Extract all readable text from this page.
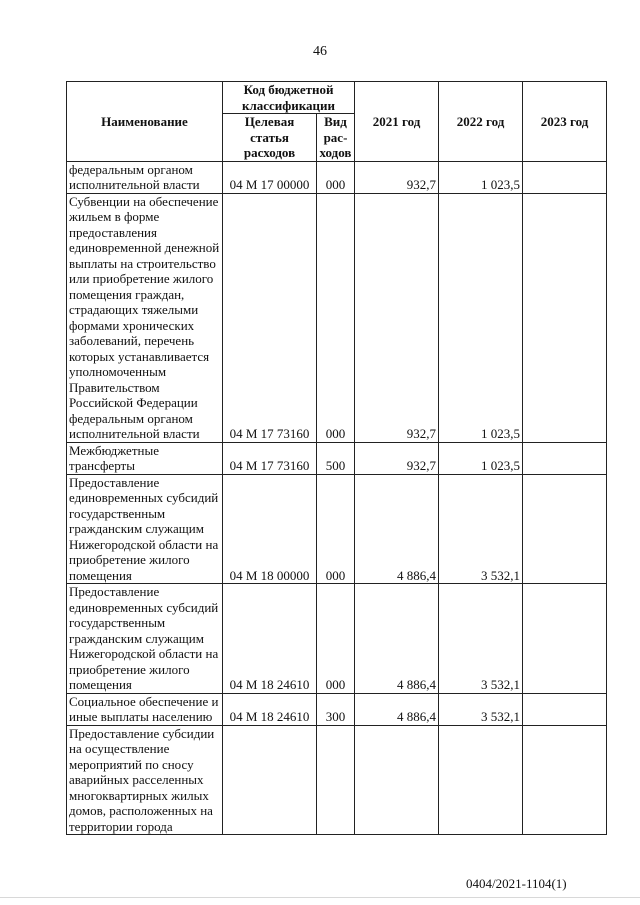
46
Наименование	Код бюджетной классификации		2021 год	2022 год	2023 год
	Целевая статья расходов	Вид рас-ходов			
федеральным органом исполнительной власти	04 М 17 00000	000	932,7	1 023,5	
Субвенции на обеспечение жильем в форме предоставления единовременной денежной выплаты на строительство или приобретение жилого помещения граждан, страдающих тяжелыми формами хронических заболеваний, перечень которых устанавливается уполномоченным Правительством Российской Федерации федеральным органом исполнительной власти	04 М 17 73160	000	932,7	1 023,5	
Межбюджетные трансферты	04 М 17 73160	500	932,7	1 023,5	
Предоставление единовременных субсидий государственным гражданским служащим Нижегородской области на приобретение жилого помещения	04 М 18 00000	000	4 886,4	3 532,1	
Предоставление единовременных субсидий государственным гражданским служащим Нижегородской области на приобретение жилого помещения	04 М 18 24610	000	4 886,4	3 532,1	
Социальное обеспечение и иные выплаты населению	04 М 18 24610	300	4 886,4	3 532,1	
Предоставление субсидии на осуществление мероприятий по сносу аварийных расселенных многоквартирных жилых домов, расположенных на территории города					
0404/2021-1104(1)
